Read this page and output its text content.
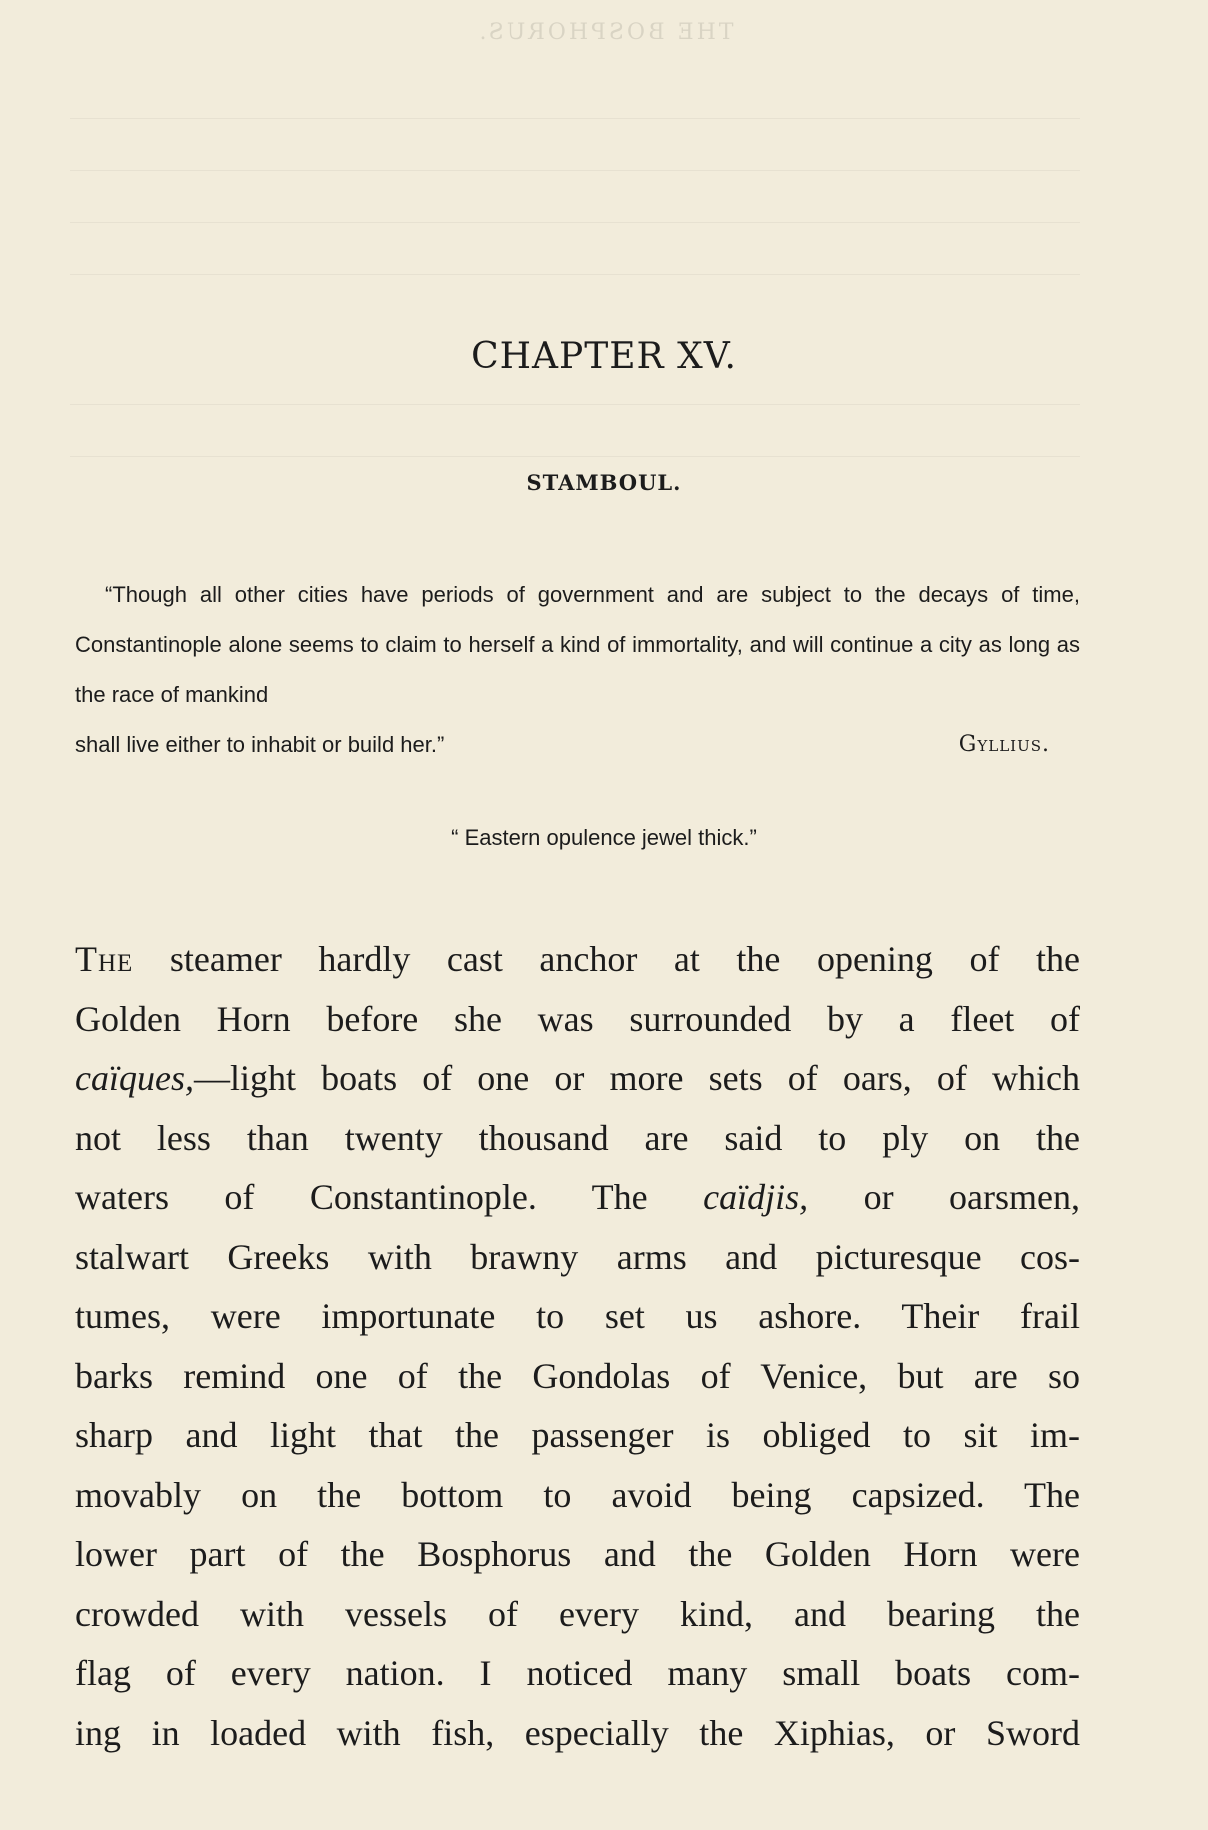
THE BOSPHORUS.
CHAPTER XV.
STAMBOUL.

“Though all other cities have periods of government and are subject to the decays of time, Constantinople alone seems to claim to herself a kind of immortality, and will continue a city as long as the race of mankind

shall live either to inhabit or build her.”	Gyllius.
“ Eastern opulence jewel thick.”
The steamer hardly cast anchor at the opening of the
Golden Horn before she was surrounded by a fleet of
caïques,—light boats of one or more sets of oars, of which
not less than twenty thousand are said to ply on the
waters of Constantinople. The caïdjis, or oarsmen,
stalwart Greeks with brawny arms and picturesque cos-
tumes, were importunate to set us ashore. Their frail
barks remind one of the Gondolas of Venice, but are so
sharp and light that the passenger is obliged to sit im-
movably on the bottom to avoid being capsized. The
lower part of the Bosphorus and the Golden Horn were
crowded with vessels of every kind, and bearing the
flag of every nation. I noticed many small boats com-
ing in loaded with fish, especially the Xiphias, or Sword
